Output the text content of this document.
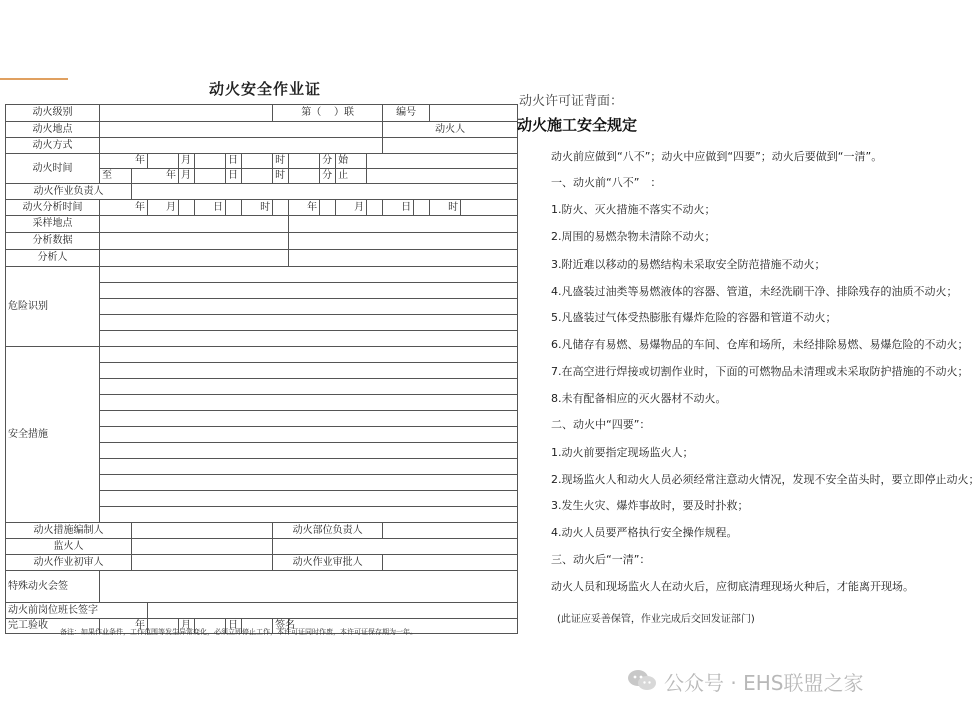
动火安全作业证
动火级别								第（ ）联					编号			
动火地点													动火人			
动火方式																
动火时间	年			月		日		时		分	始					
	至	年		月		日		时		分	止					
动火作业负责人																
动火分析时间	年		月		日		时		年		月		日		时	
采样地点																
分析数据																
分析人																
危险识别																

安全措施																

动火措施编制人								动火部位负责人								
监火人																
动火作业初审人								动火作业审批人								
特殊动火会签																
动火前岗位班长签字																
完工验收	年			月		日		签名								
备注：如果作业条件，工作范围等发生异常变化，必须立即停止工作，本许可证同时作废，本许可证保存期为一年。
动火许可证背面：
动火施工安全规定
动火前应做到“八不”；动火中应做到“四要”；动火后要做到“一清”。
一、动火前“八不”　：
1.防火、灭火措施不落实不动火；
2.周围的易燃杂物未清除不动火；
3.附近难以移动的易燃结构未采取安全防范措施不动火；
4.凡盛装过油类等易燃液体的容器、管道，未经洗刷干净、排除残存的油质不动火；
5.凡盛装过气体受热膨胀有爆炸危险的容器和管道不动火；
6.凡储存有易燃、易爆物品的车间、仓库和场所，未经排除易燃、易爆危险的不动火；
7.在高空进行焊接或切割作业时，下面的可燃物品未清理或未采取防护措施的不动火；
8.未有配备相应的灭火器材不动火。
二、动火中“四要”：
1.动火前要指定现场监火人；
2.现场监火人和动火人员必须经常注意动火情况，发现不安全苗头时，要立即停止动火；
3.发生火灾、爆炸事故时，要及时扑救；
4.动火人员要严格执行安全操作规程。
三、动火后“一清”：
动火人员和现场监火人在动火后，应彻底清理现场火种后，才能离开现场。
(此证应妥善保管，作业完成后交回发证部门)
公众号 · EHS联盟之家
